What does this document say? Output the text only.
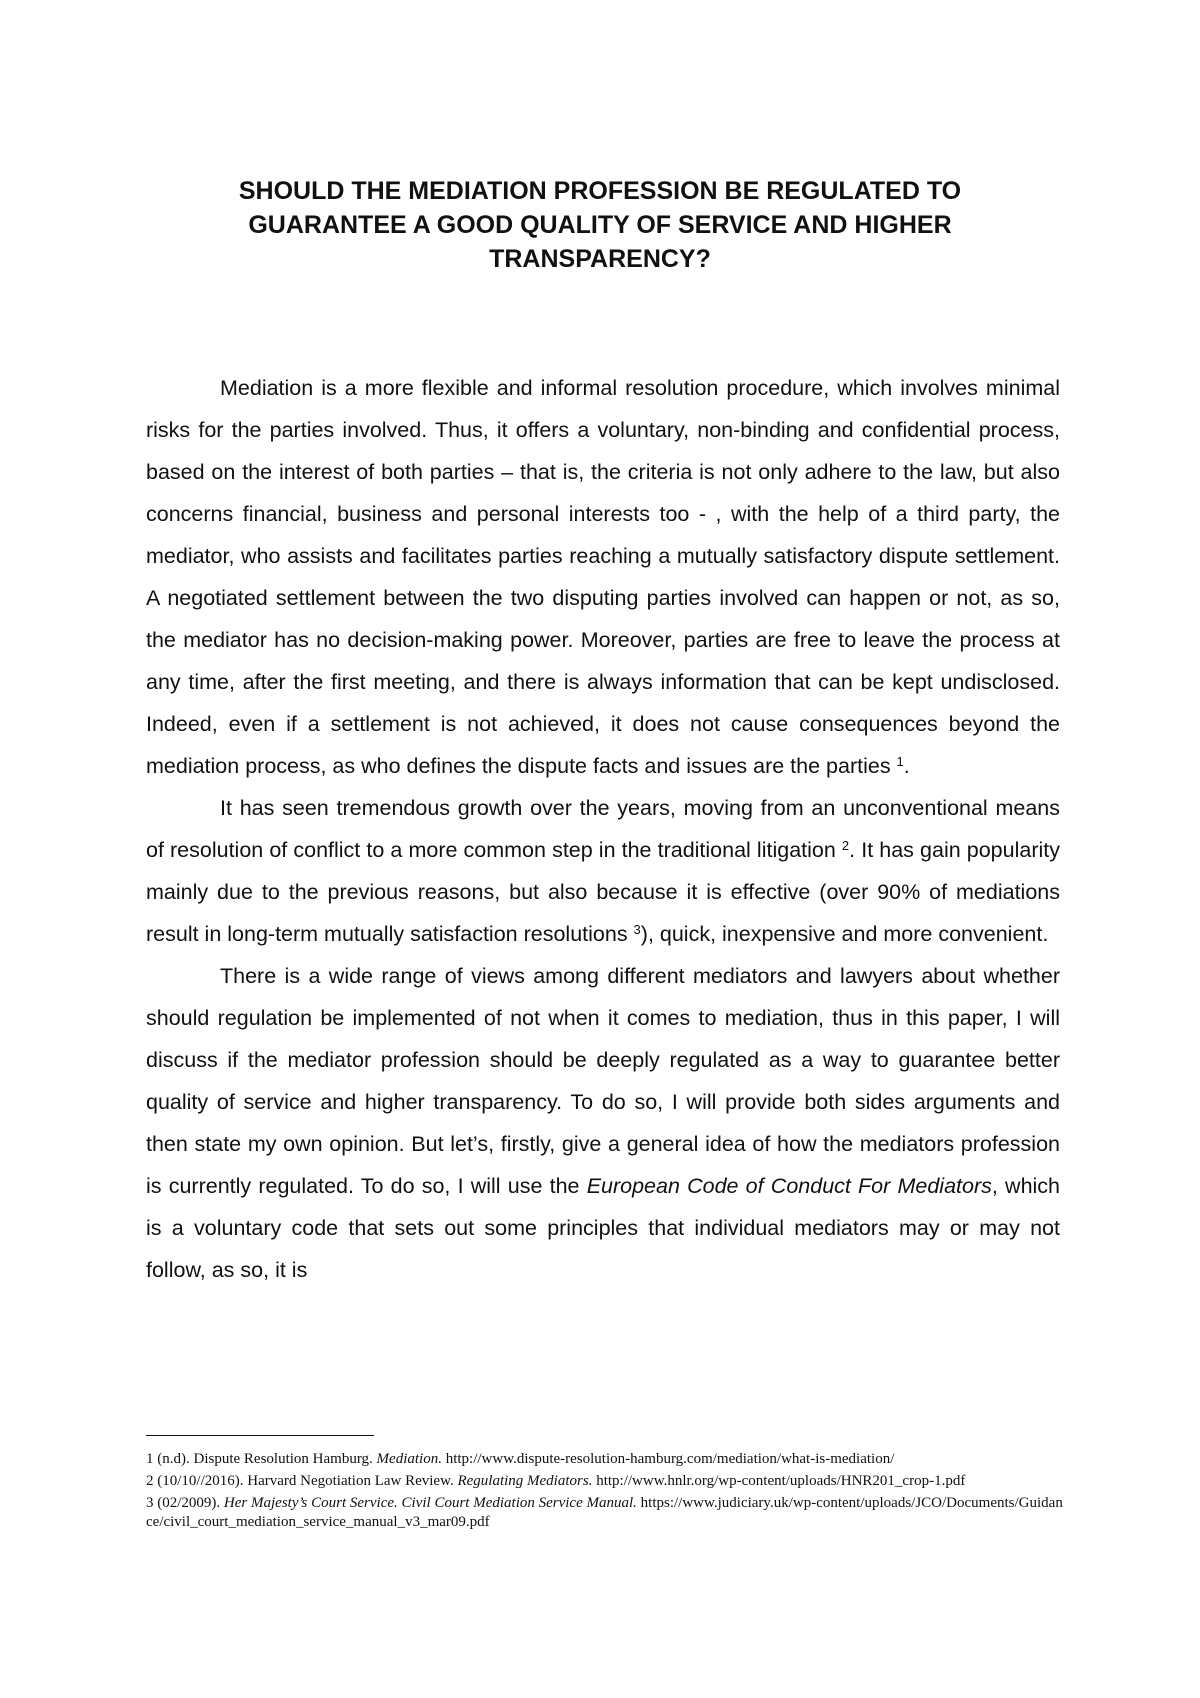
SHOULD THE MEDIATION PROFESSION BE REGULATED TO
GUARANTEE A GOOD QUALITY OF SERVICE AND HIGHER
TRANSPARENCY?

Mediation is a more flexible and informal resolution procedure, which involves minimal risks for the parties involved. Thus, it offers a voluntary, non-binding and confidential process, based on the interest of both parties – that is, the criteria is not only adhere to the law, but also concerns financial, business and personal interests too - , with the help of a third party, the mediator, who assists and facilitates parties reaching a mutually satisfactory dispute settlement. A negotiated settlement between the two disputing parties involved can happen or not, as so, the mediator has no decision-making power. Moreover, parties are free to leave the process at any time, after the first meeting, and there is always information that can be kept undisclosed. Indeed, even if a settlement is not achieved, it does not cause consequences beyond the mediation process, as who defines the dispute facts and issues are the parties $^1$.

It has seen tremendous growth over the years, moving from an unconventional means of resolution of conflict to a more common step in the traditional litigation $^2$. It has gain popularity mainly due to the previous reasons, but also because it is effective (over 90% of mediations result in long-term mutually satisfaction resolutions $^3$), quick, inexpensive and more convenient.

There is a wide range of views among different mediators and lawyers about whether should regulation be implemented of not when it comes to mediation, thus in this paper, I will discuss if the mediator profession should be deeply regulated as a way to guarantee better quality of service and higher transparency. To do so, I will provide both sides arguments and then state my own opinion. But let’s, firstly, give a general idea of how the mediators profession is currently regulated. To do so, I will use the European Code of Conduct For Mediators, which is a voluntary code that sets out some principles that individual mediators may or may not follow, as so, it is

1 (n.d). Dispute Resolution Hamburg. Mediation. http://www.dispute-resolution-hamburg.com/mediation/what-is-mediation/

2 (10/10//2016). Harvard Negotiation Law Review. Regulating Mediators. http://www.hnlr.org/wp-content/uploads/HNR201_crop-1.pdf

3 (02/2009). Her Majesty’s Court Service. Civil Court Mediation Service Manual. https://www.judiciary.uk/wp-content/uploads/JCO/Documents/Guidance/civil_court_mediation_service_manual_v3_mar09.pdf
